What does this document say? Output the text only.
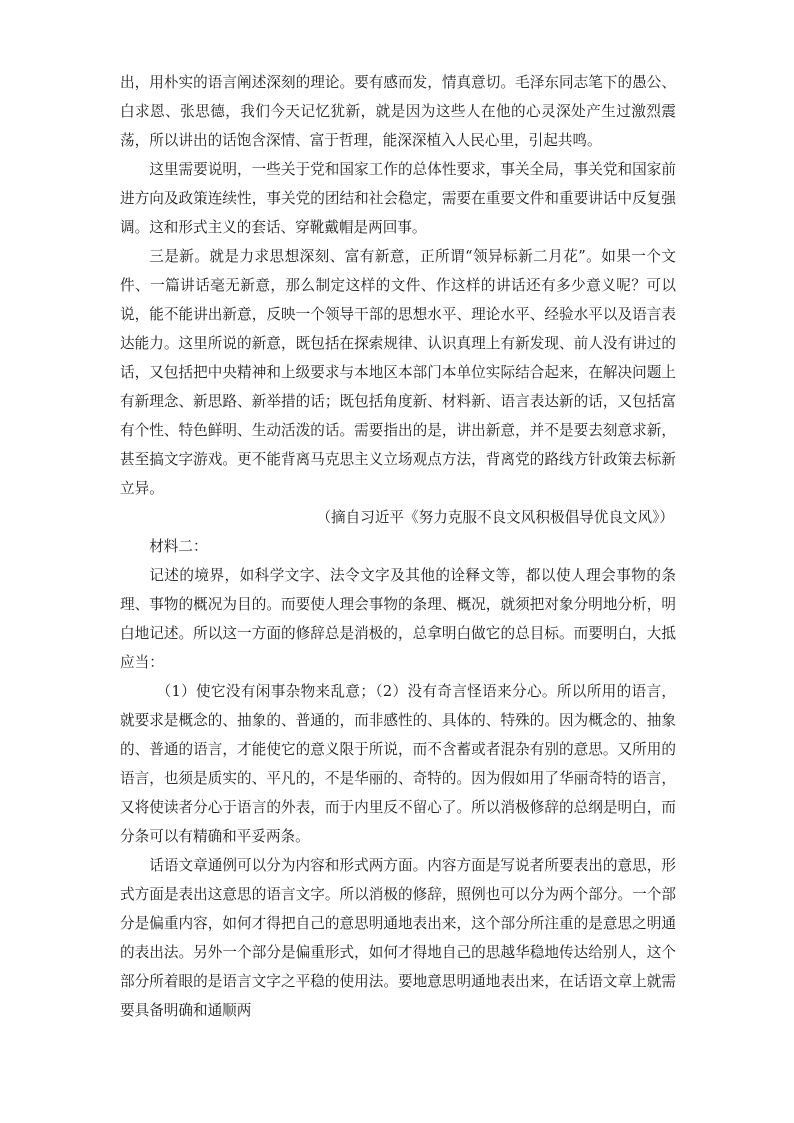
出，用朴实的语言阐述深刻的理论。要有感而发，情真意切。毛泽东同志笔下的愚公、白求恩、张思德，我们今天记忆犹新，就是因为这些人在他的心灵深处产生过激烈震荡，所以讲出的话饱含深情、富于哲理，能深深植入人民心里，引起共鸣。

这里需要说明，一些关于党和国家工作的总体性要求，事关全局，事关党和国家前进方向及政策连续性，事关党的团结和社会稳定，需要在重要文件和重要讲话中反复强调。这和形式主义的套话、穿靴戴帽是两回事。

三是新。就是力求思想深刻、富有新意，正所谓“领异标新二月花”。如果一个文件、一篇讲话毫无新意，那么制定这样的文件、作这样的讲话还有多少意义呢？可以说，能不能讲出新意，反映一个领导干部的思想水平、理论水平、经验水平以及语言表达能力。这里所说的新意，既包括在探索规律、认识真理上有新发现、前人没有讲过的话，又包括把中央精神和上级要求与本地区本部门本单位实际结合起来，在解决问题上有新理念、新思路、新举措的话；既包括角度新、材料新、语言表达新的话，又包括富有个性、特色鲜明、生动活泼的话。需要指出的是，讲出新意，并不是要去刻意求新，甚至搞文字游戏。更不能背离马克思主义立场观点方法，背离党的路线方针政策去标新立异。

（摘自习近平《努力克服不良文风积极倡导优良文风》）

材料二：

记述的境界，如科学文字、法令文字及其他的诠释文等，都以使人理会事物的条理、事物的概况为目的。而要使人理会事物的条理、概况，就须把对象分明地分析，明白地记述。所以这一方面的修辞总是消极的，总拿明白做它的总目标。而要明白，大抵应当：

（1）使它没有闲事杂物来乱意；（2）没有奇言怪语来分心。所以所用的语言，就要求是概念的、抽象的、普通的，而非感性的、具体的、特殊的。因为概念的、抽象的、普通的语言，才能使它的意义限于所说，而不含蓄或者混杂有别的意思。又所用的语言，也须是质实的、平凡的，不是华丽的、奇特的。因为假如用了华丽奇特的语言，又将使读者分心于语言的外表，而于内里反不留心了。所以消极修辞的总纲是明白，而分条可以有精确和平妥两条。

话语文章通例可以分为内容和形式两方面。内容方面是写说者所要表出的意思，形式方面是表出这意思的语言文字。所以消极的修辞，照例也可以分为两个部分。一个部分是偏重内容，如何才得把自己的意思明通地表出来，这个部分所注重的是意思之明通的表出法。另外一个部分是偏重形式，如何才得地自己的思越华稳地传达给别人，这个部分所着眼的是语言文字之平稳的使用法。要地意思明通地表出来，在话语文章上就需要具备明确和通顺两
